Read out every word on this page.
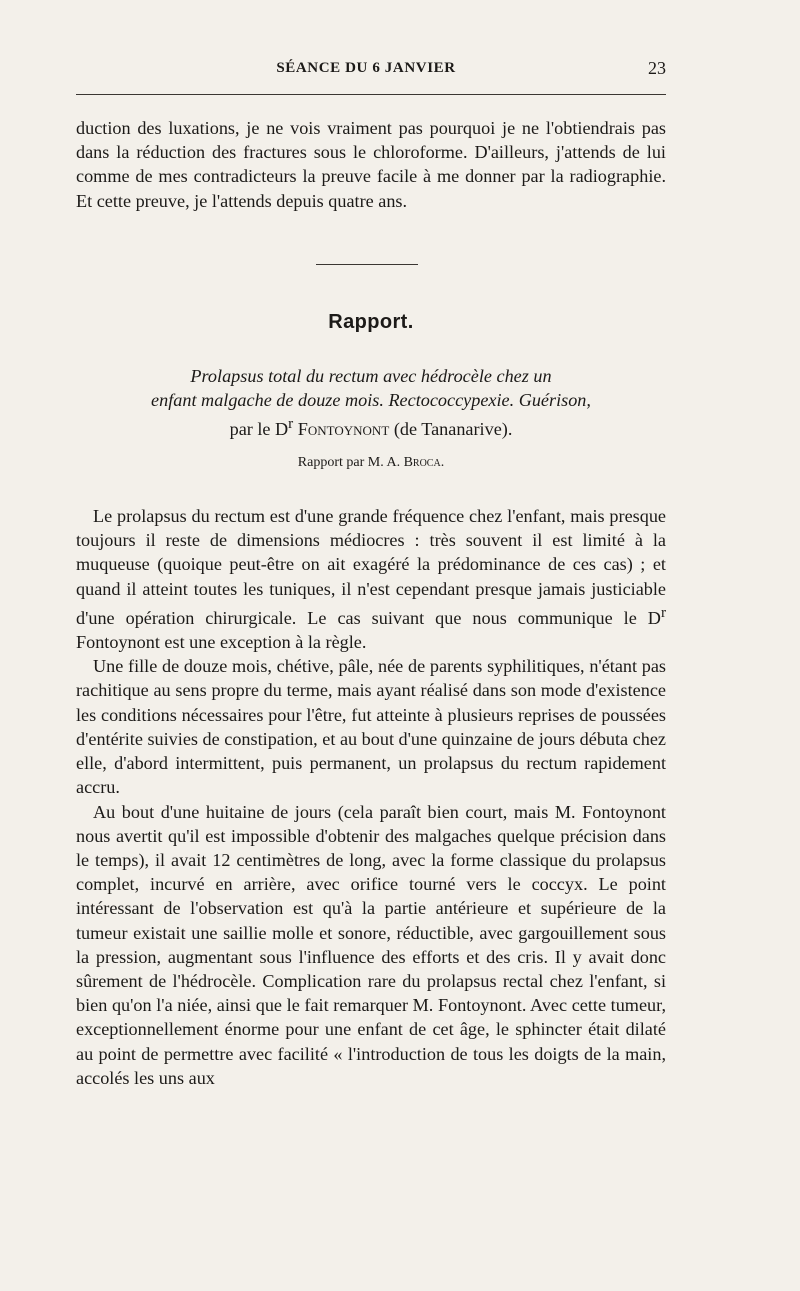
SÉANCE DU 6 JANVIER	23

duction des luxations, je ne vois vraiment pas pourquoi je ne l'obtiendrais pas dans la réduction des fractures sous le chloroforme. D'ailleurs, j'attends de lui comme de mes contradicteurs la preuve facile à me donner par la radiographie. Et cette preuve, je l'attends depuis quatre ans.

Rapport.
Prolapsus total du rectum avec hédrocèle chez un
enfant malgache de douze mois. Rectococcypexie. Guérison,
par le $D^r$ Fontoynont (de Tananarive).
Rapport par M. A. Broca.

Le prolapsus du rectum est d'une grande fréquence chez l'enfant, mais presque toujours il reste de dimensions médiocres : très souvent il est limité à la muqueuse (quoique peut-être on ait exagéré la prédominance de ces cas) ; et quand il atteint toutes les tuniques, il n'est cependant presque jamais justiciable d'une opération chirurgicale. Le cas suivant que nous communique le $D^r$ Fontoynont est une exception à la règle.

Une fille de douze mois, chétive, pâle, née de parents syphilitiques, n'étant pas rachitique au sens propre du terme, mais ayant réalisé dans son mode d'existence les conditions nécessaires pour l'être, fut atteinte à plusieurs reprises de poussées d'entérite suivies de constipation, et au bout d'une quinzaine de jours débuta chez elle, d'abord intermittent, puis permanent, un prolapsus du rectum rapidement accru.

Au bout d'une huitaine de jours (cela paraît bien court, mais M. Fontoynont nous avertit qu'il est impossible d'obtenir des malgaches quelque précision dans le temps), il avait 12 centimètres de long, avec la forme classique du prolapsus complet, incurvé en arrière, avec orifice tourné vers le coccyx. Le point intéressant de l'observation est qu'à la partie antérieure et supérieure de la tumeur existait une saillie molle et sonore, réductible, avec gargouillement sous la pression, augmentant sous l'influence des efforts et des cris. Il y avait donc sûrement de l'hédrocèle. Complication rare du prolapsus rectal chez l'enfant, si bien qu'on l'a niée, ainsi que le fait remarquer M. Fontoynont. Avec cette tumeur, exceptionnellement énorme pour une enfant de cet âge, le sphincter était dilaté au point de permettre avec facilité « l'introduction de tous les doigts de la main, accolés les uns aux
